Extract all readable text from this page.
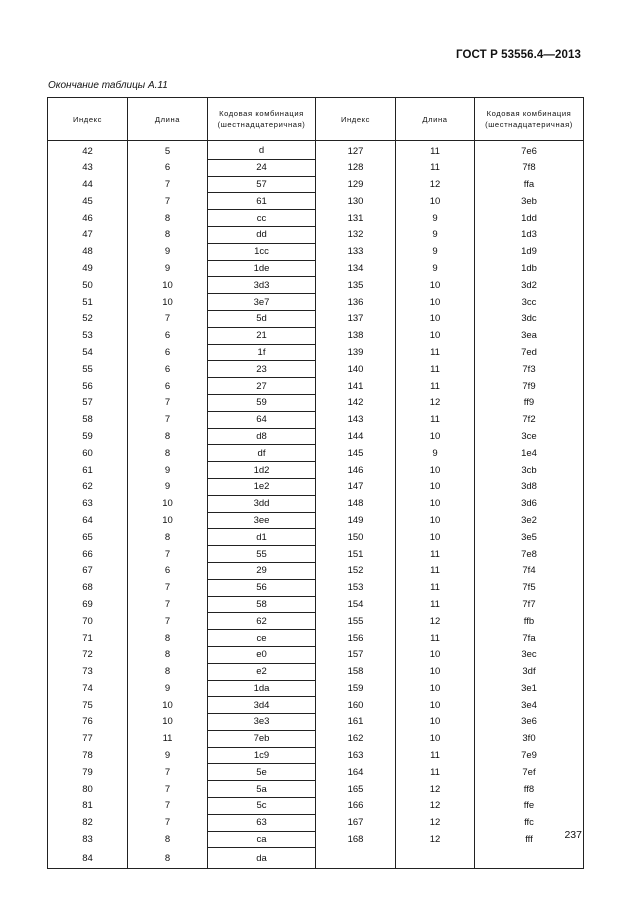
ГОСТ Р 53556.4—2013
Окончание таблицы А.11
Индекс	Длина	Кодовая комбинация (шестнадцатеричная)	Индекс	Длина	Кодовая комбинация (шестнадцатеричная)
42	5	d	127	11	7e6
43	6	24	128	11	7f8
44	7	57	129	12	ffa
45	7	61	130	10	3eb
46	8	cc	131	9	1dd
47	8	dd	132	9	1d3
48	9	1cc	133	9	1d9
49	9	1de	134	9	1db
50	10	3d3	135	10	3d2
51	10	3e7	136	10	3cc
52	7	5d	137	10	3dc
53	6	21	138	10	3ea
54	6	1f	139	11	7ed
55	6	23	140	11	7f3
56	6	27	141	11	7f9
57	7	59	142	12	ff9
58	7	64	143	11	7f2
59	8	d8	144	10	3ce
60	8	df	145	9	1e4
61	9	1d2	146	10	3cb
62	9	1e2	147	10	3d8
63	10	3dd	148	10	3d6
64	10	3ee	149	10	3e2
65	8	d1	150	10	3e5
66	7	55	151	11	7e8
67	6	29	152	11	7f4
68	7	56	153	11	7f5
69	7	58	154	11	7f7
70	7	62	155	12	ffb
71	8	ce	156	11	7fa
72	8	e0	157	10	3ec
73	8	e2	158	10	3df
74	9	1da	159	10	3e1
75	10	3d4	160	10	3e4
76	10	3e3	161	10	3e6
77	11	7eb	162	10	3f0
78	9	1c9	163	11	7e9
79	7	5e	164	11	7ef
80	7	5a	165	12	ff8
81	7	5c	166	12	ffe
82	7	63	167	12	ffc
83	8	ca	168	12	fff
84	8	da			
237
